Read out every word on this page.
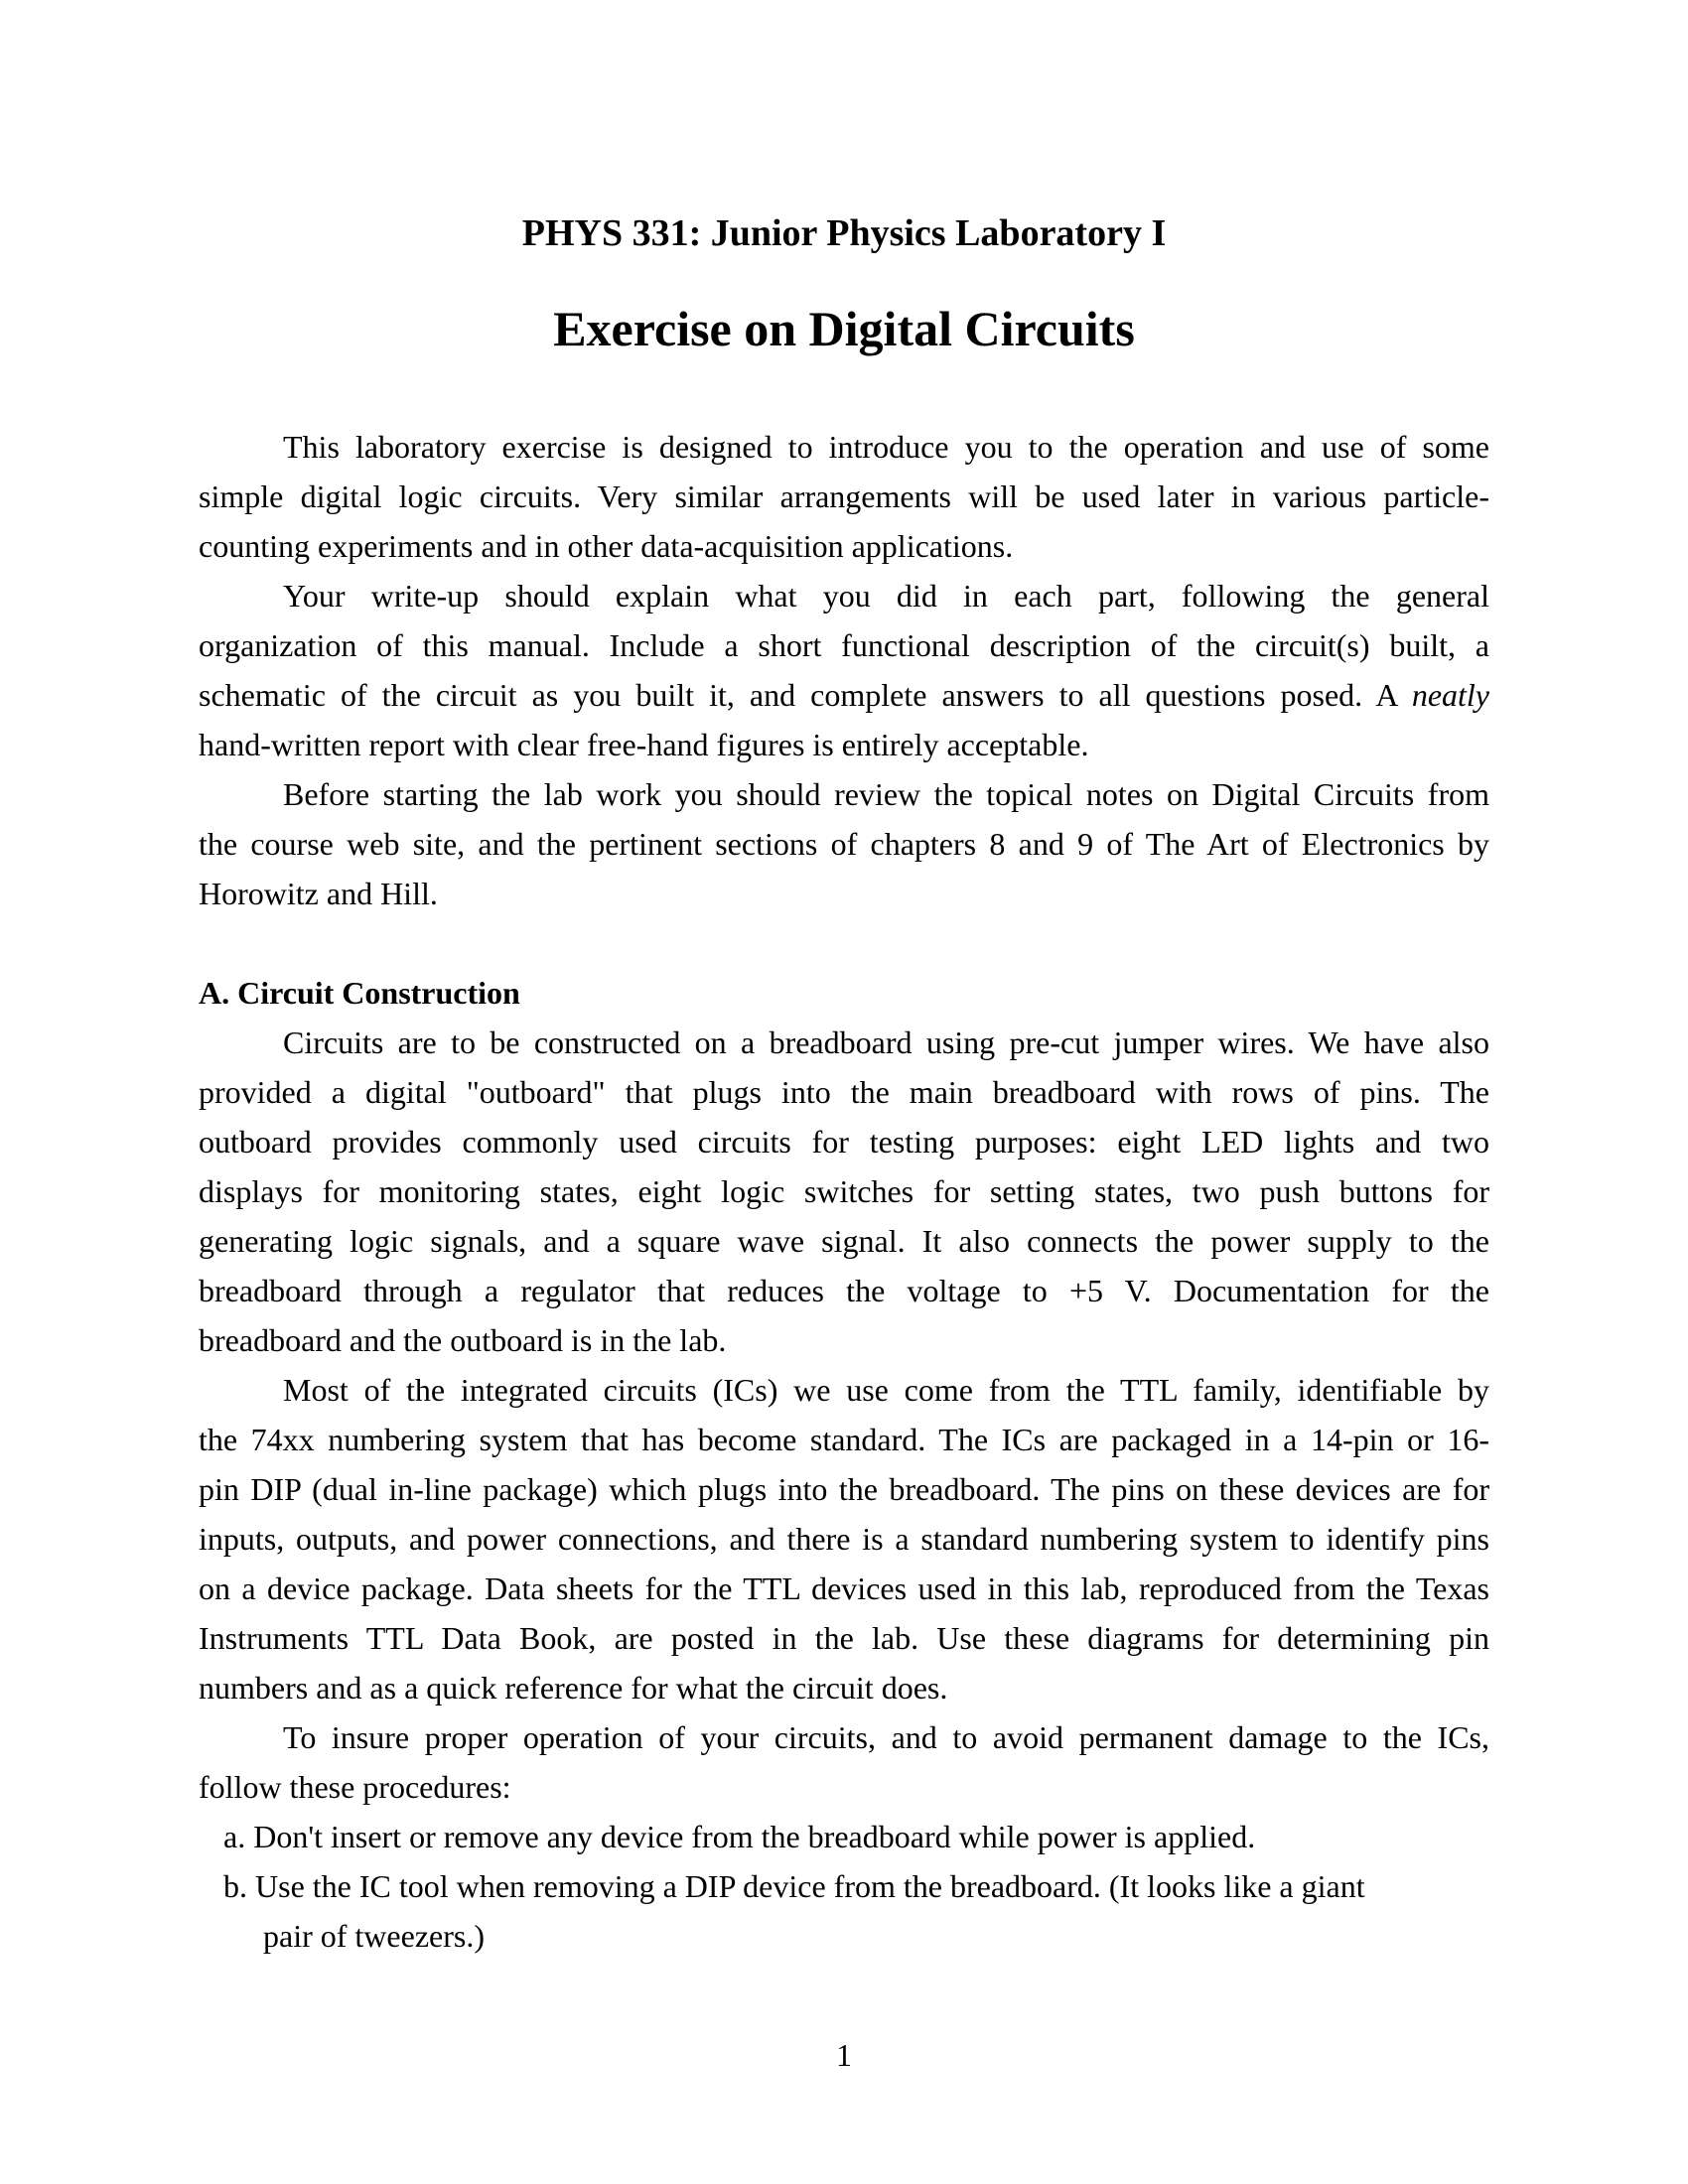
PHYS 331: Junior Physics Laboratory I
Exercise on Digital Circuits
This laboratory exercise is designed to introduce you to the operation and use of some
simple digital logic circuits. Very similar arrangements will be used later in various particle-
counting experiments and in other data-acquisition applications.
Your write-up should explain what you did in each part, following the general
organization of this manual. Include a short functional description of the circuit(s) built, a
schematic of the circuit as you built it, and complete answers to all questions posed. A neatly
hand-written report with clear free-hand figures is entirely acceptable.
Before starting the lab work you should review the topical notes on Digital Circuits from
the course web site, and the pertinent sections of chapters 8 and 9 of The Art of Electronics by
Horowitz and Hill.
A. Circuit Construction
Circuits are to be constructed on a breadboard using pre-cut jumper wires. We have also
provided a digital "outboard" that plugs into the main breadboard with rows of pins. The
outboard provides commonly used circuits for testing purposes: eight LED lights and two
displays for monitoring states, eight logic switches for setting states, two push buttons for
generating logic signals, and a square wave signal. It also connects the power supply to the
breadboard through a regulator that reduces the voltage to +5 V. Documentation for the
breadboard and the outboard is in the lab.
Most of the integrated circuits (ICs) we use come from the TTL family, identifiable by
the 74xx numbering system that has become standard. The ICs are packaged in a 14-pin or 16-
pin DIP (dual in-line package) which plugs into the breadboard. The pins on these devices are for
inputs, outputs, and power connections, and there is a standard numbering system to identify pins
on a device package. Data sheets for the TTL devices used in this lab, reproduced from the Texas
Instruments TTL Data Book, are posted in the lab. Use these diagrams for determining pin
numbers and as a quick reference for what the circuit does.
To insure proper operation of your circuits, and to avoid permanent damage to the ICs,
follow these procedures:
a. Don't insert or remove any device from the breadboard while power is applied.
b. Use the IC tool when removing a DIP device from the breadboard. (It looks like a giant
pair of tweezers.)
1
